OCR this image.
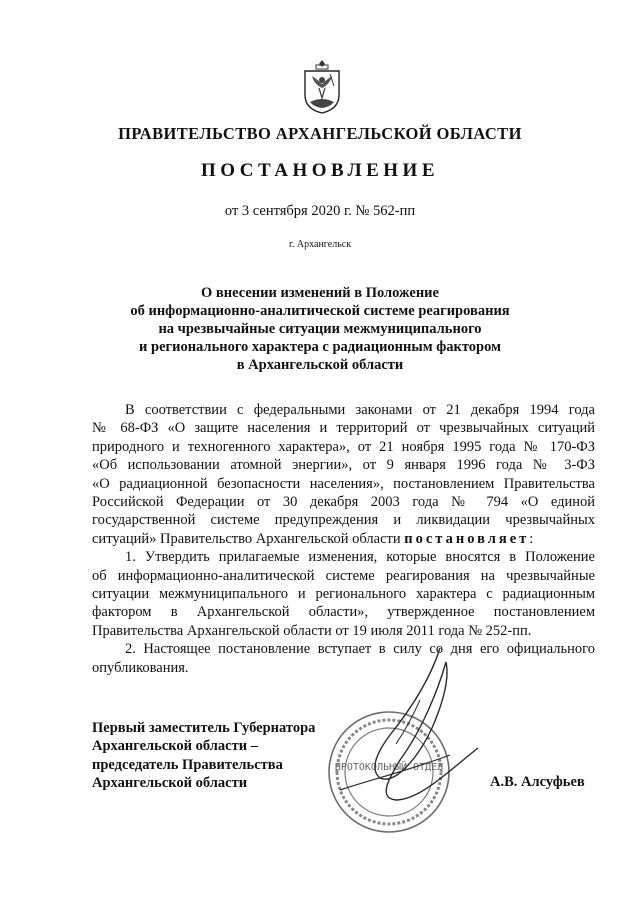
ПРАВИТЕЛЬСТВО АРХАНГЕЛЬСКОЙ ОБЛАСТИ
ПОСТАНОВЛЕНИЕ
от 3 сентября 2020 г. № 562-пп
г. Архангельск
О внесении изменений в Положение
об информационно-аналитической системе реагирования
на чрезвычайные ситуации межмуниципального
и регионального характера с радиационным фактором
в Архангельской области
В соответствии с федеральными законами от 21 декабря 1994 года
№ 68-ФЗ «О защите населения и территорий от чрезвычайных ситуаций
природного и техногенного характера», от 21 ноября 1995 года № 170-ФЗ
«Об использовании атомной энергии», от 9 января 1996 года № 3-ФЗ
«О радиационной безопасности населения», постановлением Правительства
Российской Федерации от 30 декабря 2003 года № 794 «О единой
государственной системе предупреждения и ликвидации чрезвычайных
ситуаций» Правительство Архангельской области постановляет:
1. Утвердить прилагаемые изменения, которые вносятся в Положение
об информационно-аналитической системе реагирования на чрезвычайные
ситуации межмуниципального и регионального характера с радиационным
фактором в Архангельской области», утвержденное постановлением
Правительства Архангельской области от 19 июля 2011 года № 252-пп.
2. Настоящее постановление вступает в силу со дня его официального
опубликования.
ПРОТОКОЛЬНЫЙ ОТДЕЛ
Первый заместитель Губернатора
Архангельской области –
председатель Правительства
Архангельской области	А.В. Алсуфьев
